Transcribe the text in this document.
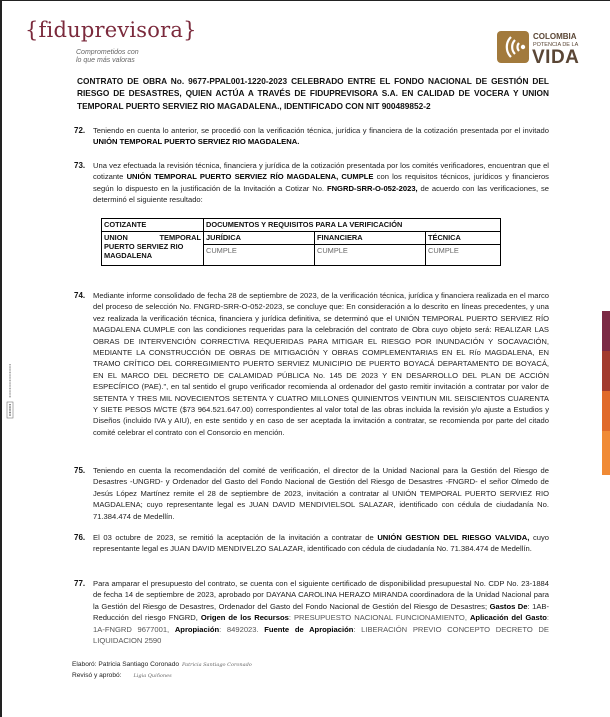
{fiduprevisora}
Comprometidos con
lo que más valoras
COLOMBIA
POTENCIA DE LA
VIDA
CONTRATO DE OBRA No. 9677-PPAL001-1220-2023 CELEBRADO ENTRE EL FONDO NACIONAL DE GESTIÓN DEL RIESGO DE DESASTRES, QUIEN ACTÚA A TRAVÉS DE FIDUPREVISORA S.A. EN CALIDAD DE VOCERA Y UNION TEMPORAL PUERTO SERVIEZ RIO MAGADALENA., IDENTIFICADO CON NIT 900489852-2
72. Teniendo en cuenta lo anterior, se procedió con la verificación técnica, jurídica y financiera de la cotización presentada por el invitado UNIÓN TEMPORAL PUERTO SERVIEZ RIO MAGDALENA.
73. Una vez efectuada la revisión técnica, financiera y jurídica de la cotización presentada por los comités verificadores, encuentran que el cotizante UNIÓN TEMPORAL PUERTO SERVIEZ RÍO MAGDALENA, CUMPLE con los requisitos técnicos, jurídicos y financieros según lo dispuesto en la justificación de la Invitación a Cotizar No. FNGRD-SRR-O-052-2023, de acuerdo con las verificaciones, se determinó el siguiente resultado:
COTIZANTE	DOCUMENTOS Y REQUISITOS PARA LA VERIFICACIÓN		

UNION TEMPORAL
PUERTO SERVIEZ RIO MAGDALENA	JURÍDICA	FINANCIERA	TÉCNICA
	CUMPLE	CUMPLE	CUMPLE
74. Mediante informe consolidado de fecha 28 de septiembre de 2023, de la verificación técnica, jurídica y financiera realizada en el marco del proceso de selección No. FNGRD-SRR-O-052-2023, se concluye que: En consideración a lo descrito en líneas precedentes, y una vez realizada la verificación técnica, financiera y jurídica definitiva, se determinó que el UNIÓN TEMPORAL PUERTO SERVIEZ RÍO MAGDALENA CUMPLE con las condiciones requeridas para la celebración del contrato de Obra cuyo objeto será: REALIZAR LAS OBRAS DE INTERVENCIÓN CORRECTIVA REQUERIDAS PARA MITIGAR EL RIESGO POR INUNDACIÓN Y SOCAVACIÓN, MEDIANTE LA CONSTRUCCIÓN DE OBRAS DE MITIGACIÓN Y OBRAS COMPLEMENTARIAS EN EL Río MAGDALENA, EN TRAMO CRÍTICO DEL CORREGIMIENTO PUERTO SERVIEZ MUNICIPIO DE PUERTO BOYACÁ DEPARTAMENTO DE BOYACÁ, EN EL MARCO DEL DECRETO DE CALAMIDAD PÚBLICA No. 145 DE 2023 Y EN DESARROLLO DEL PLAN DE ACCIÓN ESPECÍFICO (PAE).", en tal sentido el grupo verificador recomienda al ordenador del gasto remitir invitación a contratar por valor de SETENTA Y TRES MIL NOVECIENTOS SETENTA Y CUATRO MILLONES QUINIENTOS VEINTIUN MIL SEISCIENTOS CUARENTA Y SIETE PESOS M/CTE ($73 964.521.647.00) correspondientes al valor total de las obras incluida la revisión y/o ajuste a Estudios y Diseños (incluido IVA y AIU), en este sentido y en caso de ser aceptada la invitación a contratar, se recomienda por parte del citado comité celebrar el contrato con el Consorcio en mención.
75. Teniendo en cuenta la recomendación del comité de verificación, el director de la Unidad Nacional para la Gestión del Riesgo de Desastres -UNGRD- y Ordenador del Gasto del Fondo Nacional de Gestión del Riesgo de Desastres -FNGRD- el señor Olmedo de Jesús López Martínez remite el 28 de septiembre de 2023, invitación a contratar al UNIÓN TEMPORAL PUERTO SERVIEZ RIO MAGDALENA; cuyo representante legal es JUAN DAVID MENDIVIELSOL SALAZAR, identificado con cédula de ciudadanía No. 71.384.474 de Medellín.
76. El 03 octubre de 2023, se remitió la aceptación de la invitación a contratar de UNIÓN GESTION DEL RIESGO VALVIDA, cuyo representante legal es JUAN DAVID MENDIVELZO SALAZAR, identificado con cédula de ciudadanía No. 71.384.474 de Medellín.
77. Para amparar el presupuesto del contrato, se cuenta con el siguiente certificado de disponibilidad presupuestal No. CDP No. 23-1884 de fecha 14 de septiembre de 2023, aprobado por DAYANA CAROLINA HERAZO MIRANDA coordinadora de la Unidad Nacional para la Gestión del Riesgo de Desastres, Ordenador del Gasto del Fondo Nacional de Gestión del Riesgo de Desastres; Gastos De: 1AB-Reducción del riesgo FNGRD, Origen de los Recursos: PRESUPUESTO NACIONAL FUNCIONAMIENTO, Aplicación del Gasto: 1A-FNGRD 9677001, Apropiación: 8492023. Fuente de Apropiación: LIBERACIÓN PREVIO CONCEPTO DECRETO DE LIQUIDACION 2590
Elaboró: Patricia Santiago Coronado Patricia Santiago Coronado
Revisó y aprobó: Ligia Quiñones
